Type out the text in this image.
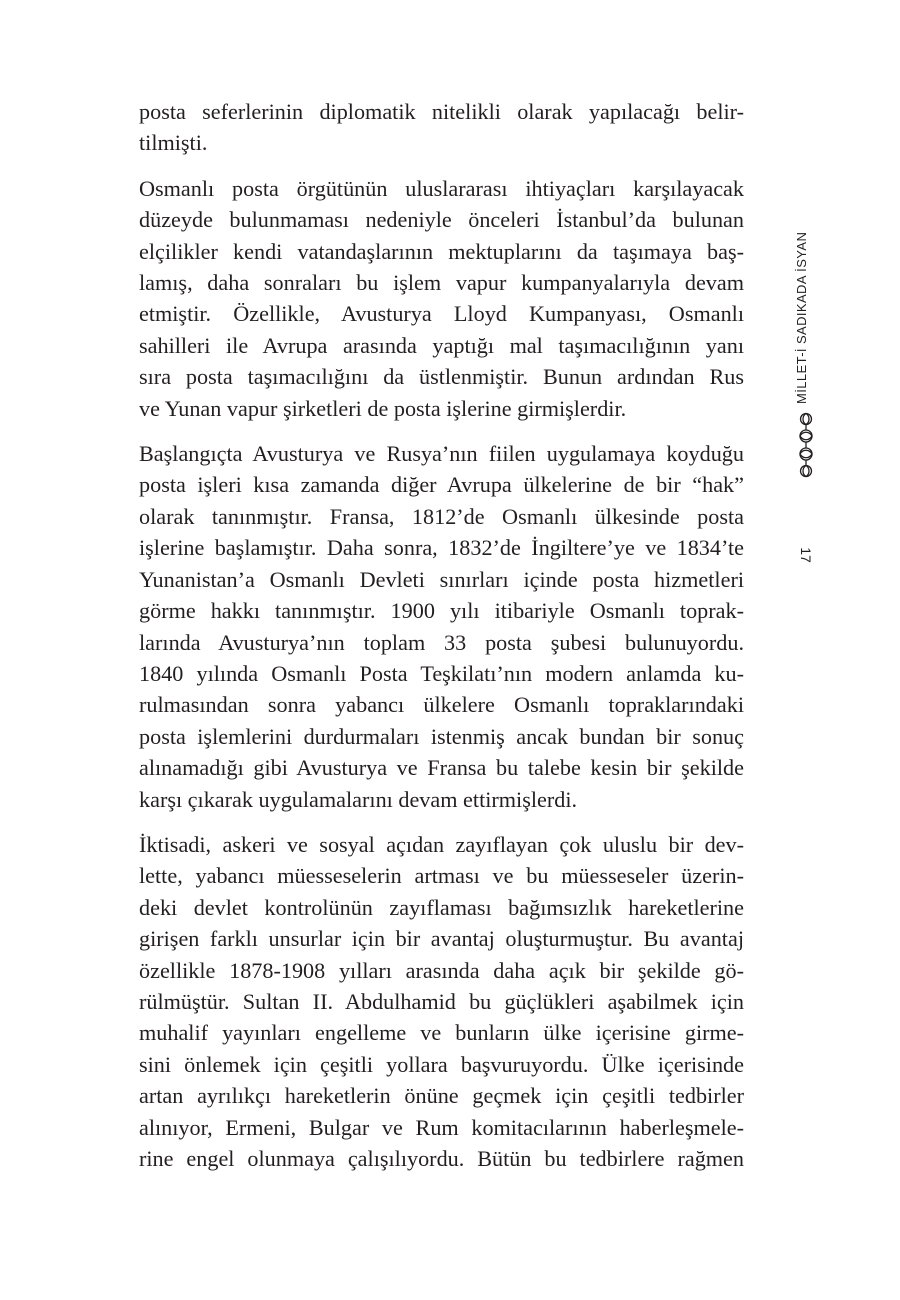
posta seferlerinin diplomatik nitelikli olarak yapılacağı belir-
tilmişti.

Osmanlı posta örgütünün uluslararası ihtiyaçları karşılayacak
düzeyde bulunmaması nedeniyle önceleri İstanbul’da bulunan
elçilikler kendi vatandaşlarının mektuplarını da taşımaya baş-
lamış, daha sonraları bu işlem vapur kumpanyalarıyla devam
etmiştir. Özellikle, Avusturya Lloyd Kumpanyası, Osmanlı
sahilleri ile Avrupa arasında yaptığı mal taşımacılığının yanı
sıra posta taşımacılığını da üstlenmiştir. Bunun ardından Rus
ve Yunan vapur şirketleri de posta işlerine girmişlerdir.

Başlangıçta Avusturya ve Rusya’nın fiilen uygulamaya koyduğu
posta işleri kısa zamanda diğer Avrupa ülkelerine de bir “hak”
olarak tanınmıştır. Fransa, 1812’de Osmanlı ülkesinde posta
işlerine başlamıştır. Daha sonra, 1832’de İngiltere’ye ve 1834’te
Yunanistan’a Osmanlı Devleti sınırları içinde posta hizmetleri
görme hakkı tanınmıştır. 1900 yılı itibariyle Osmanlı toprak-
larında Avusturya’nın toplam 33 posta şubesi bulunuyordu.
1840 yılında Osmanlı Posta Teşkilatı’nın modern anlamda ku-
rulmasından sonra yabancı ülkelere Osmanlı topraklarındaki
posta işlemlerini durdurmaları istenmiş ancak bundan bir sonuç
alınamadığı gibi Avusturya ve Fransa bu talebe kesin bir şekilde
karşı çıkarak uygulamalarını devam ettirmişlerdi.

İktisadi, askeri ve sosyal açıdan zayıflayan çok uluslu bir dev-
lette, yabancı müesseselerin artması ve bu müesseseler üzerin-
deki devlet kontrolünün zayıflaması bağımsızlık hareketlerine
girişen farklı unsurlar için bir avantaj oluşturmuştur. Bu avantaj
özellikle 1878-1908 yılları arasında daha açık bir şekilde gö-
rülmüştür. Sultan II. Abdulhamid bu güçlükleri aşabilmek için
muhalif yayınları engelleme ve bunların ülke içerisine girme-
sini önlemek için çeşitli yollara başvuruyordu. Ülke içerisinde
artan ayrılıkçı hareketlerin önüne geçmek için çeşitli tedbirler
alınıyor, Ermeni, Bulgar ve Rum komitacılarının haberleşmele-
rine engel olunmaya çalışılıyordu. Bütün bu tedbirlere rağmen

MİLLET-İ SADIKADA İSYAN
17
